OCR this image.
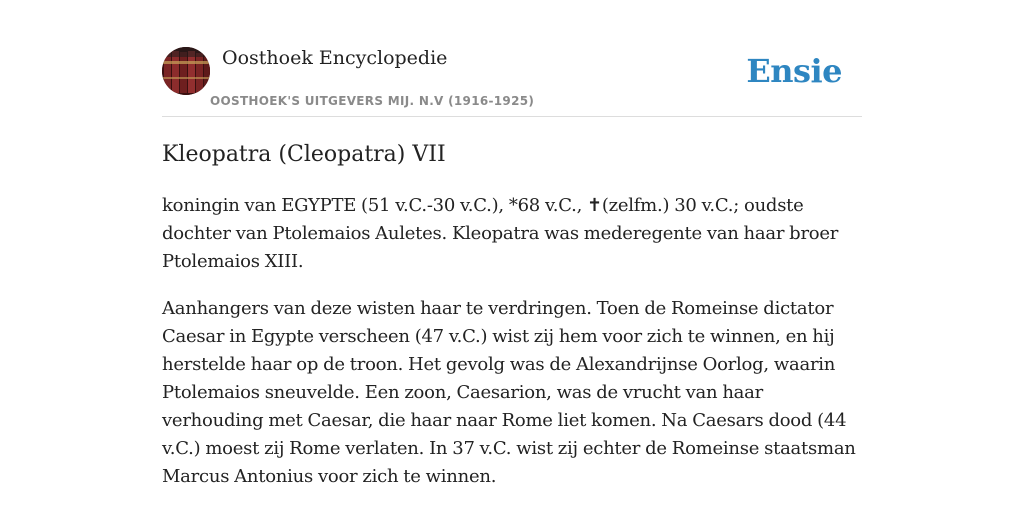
Oosthoek Encyclopedie
OOSTHOEK'S UITGEVERS MIJ. N.V (1916-1925)
Ensie
Kleopatra (Cleopatra) VII

koningin van EGYPTE (51 v.C.-30 v.C.), *68 v.C., ✝(zelfm.) 30 v.C.; oudste dochter van Ptolemaios Auletes. Kleopatra was mederegente van haar broer Ptolemaios XIII.

Aanhangers van deze wisten haar te verdringen. Toen de Romeinse dictator Caesar in Egypte verscheen (47 v.C.) wist zij hem voor zich te winnen, en hij herstelde haar op de troon. Het gevolg was de Alexandrijnse Oorlog, waarin Ptolemaios sneuvelde. Een zoon, Caesarion, was de vrucht van haar verhouding met Caesar, die haar naar Rome liet komen. Na Caesars dood (44 v.C.) moest zij Rome verlaten. In 37 v.C. wist zij echter de Romeinse staatsman Marcus Antonius voor zich te winnen.
